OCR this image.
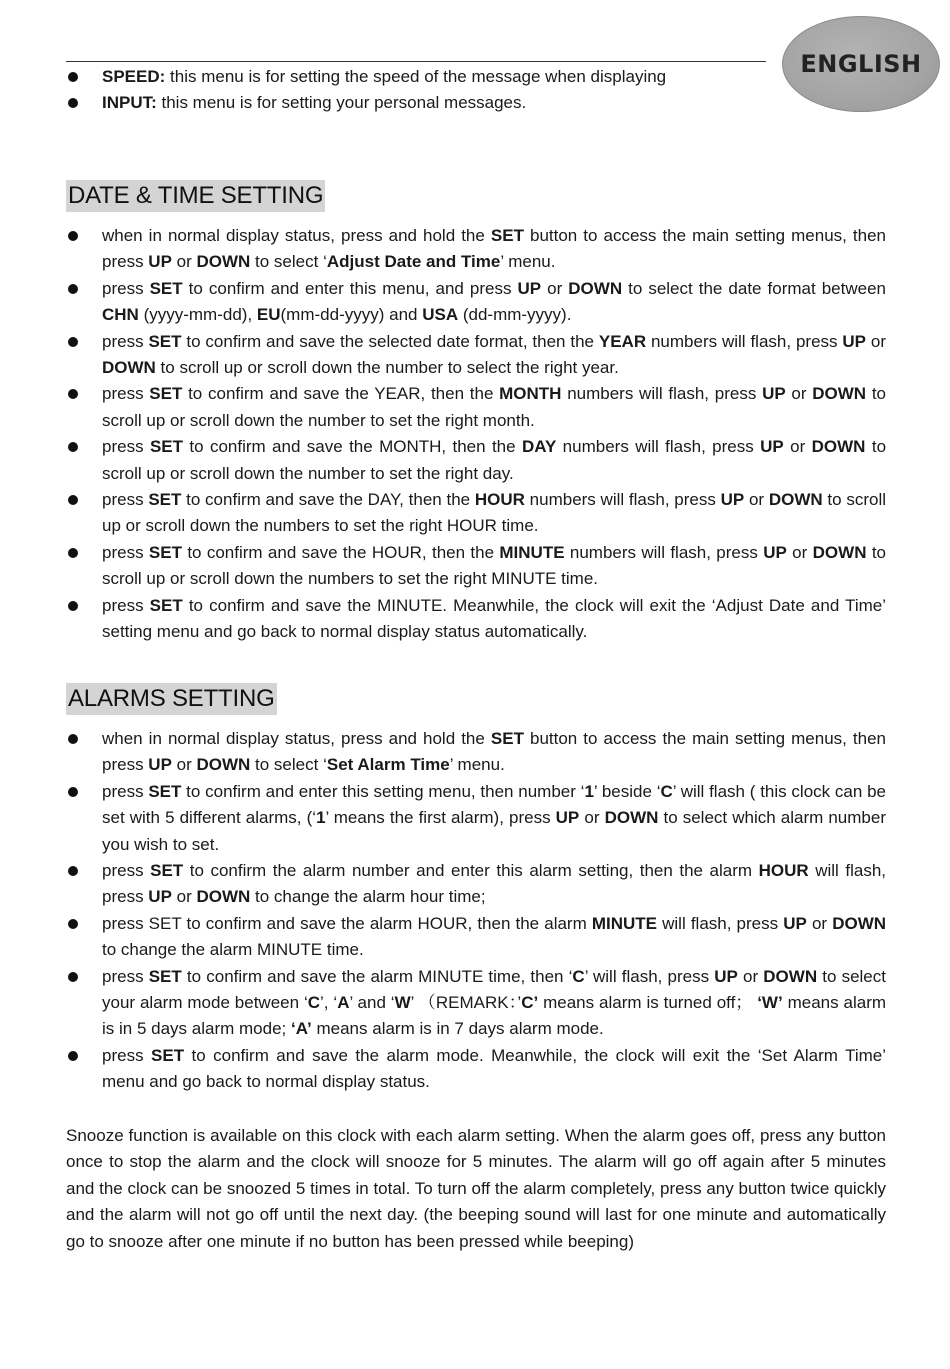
ENGLISH
SPEED: this menu is for setting the speed of the message when displaying
INPUT: this menu is for setting your personal messages.
DATE & TIME SETTING
when in normal display status, press and hold the SET button to access the main setting menus, then press UP or DOWN to select ‘Adjust Date and Time’ menu.
press SET to confirm and enter this menu, and press UP or DOWN to select the date format between CHN (yyyy-mm-dd), EU(mm-dd-yyyy) and USA (dd-mm-yyyy).
press SET to confirm and save the selected date format, then the YEAR numbers will flash, press UP or DOWN to scroll up or scroll down the number to select the right year.
press SET to confirm and save the YEAR, then the MONTH numbers will flash, press UP or DOWN to scroll up or scroll down the number to set the right month.
press SET to confirm and save the MONTH, then the DAY numbers will flash, press UP or DOWN to scroll up or scroll down the number to set the right day.
press SET to confirm and save the DAY, then the HOUR numbers will flash, press UP or DOWN to scroll up or scroll down the numbers to set the right HOUR time.
press SET to confirm and save the HOUR, then the MINUTE numbers will flash, press UP or DOWN to scroll up or scroll down the numbers to set the right MINUTE time.
press SET to confirm and save the MINUTE. Meanwhile, the clock will exit the ‘Adjust Date and Time’ setting menu and go back to normal display status automatically.
ALARMS SETTING
when in normal display status, press and hold the SET button to access the main setting menus, then press UP or DOWN to select ‘Set Alarm Time’ menu.
press SET to confirm and enter this setting menu, then number ‘1’ beside ‘C’ will flash ( this clock can be set with 5 different alarms, (‘1’ means the first alarm), press UP or DOWN to select which alarm number you wish to set.
press SET to confirm the alarm number and enter this alarm setting, then the alarm HOUR will flash, press UP or DOWN to change the alarm hour time;
press SET to confirm and save the alarm HOUR, then the alarm MINUTE will flash, press UP or DOWN to change the alarm MINUTE time.
press SET to confirm and save the alarm MINUTE time, then ‘C’ will flash, press UP or DOWN to select your alarm mode between ‘C’, ‘A’ and ‘W’ （REMARK：’C’ means alarm is turned off； ‘W’ means alarm is in 5 days alarm mode; ‘A’ means alarm is in 7 days alarm mode.
press SET to confirm and save the alarm mode. Meanwhile, the clock will exit the ‘Set Alarm Time’ menu and go back to normal display status.

Snooze function is available on this clock with each alarm setting. When the alarm goes off, press any button once to stop the alarm and the clock will snooze for 5 minutes. The alarm will go off again after 5 minutes and the clock can be snoozed 5 times in total. To turn off the alarm completely, press any button twice quickly and the alarm will not go off until the next day. (the beeping sound will last for one minute and automatically go to snooze after one minute if no button has been pressed while beeping)
